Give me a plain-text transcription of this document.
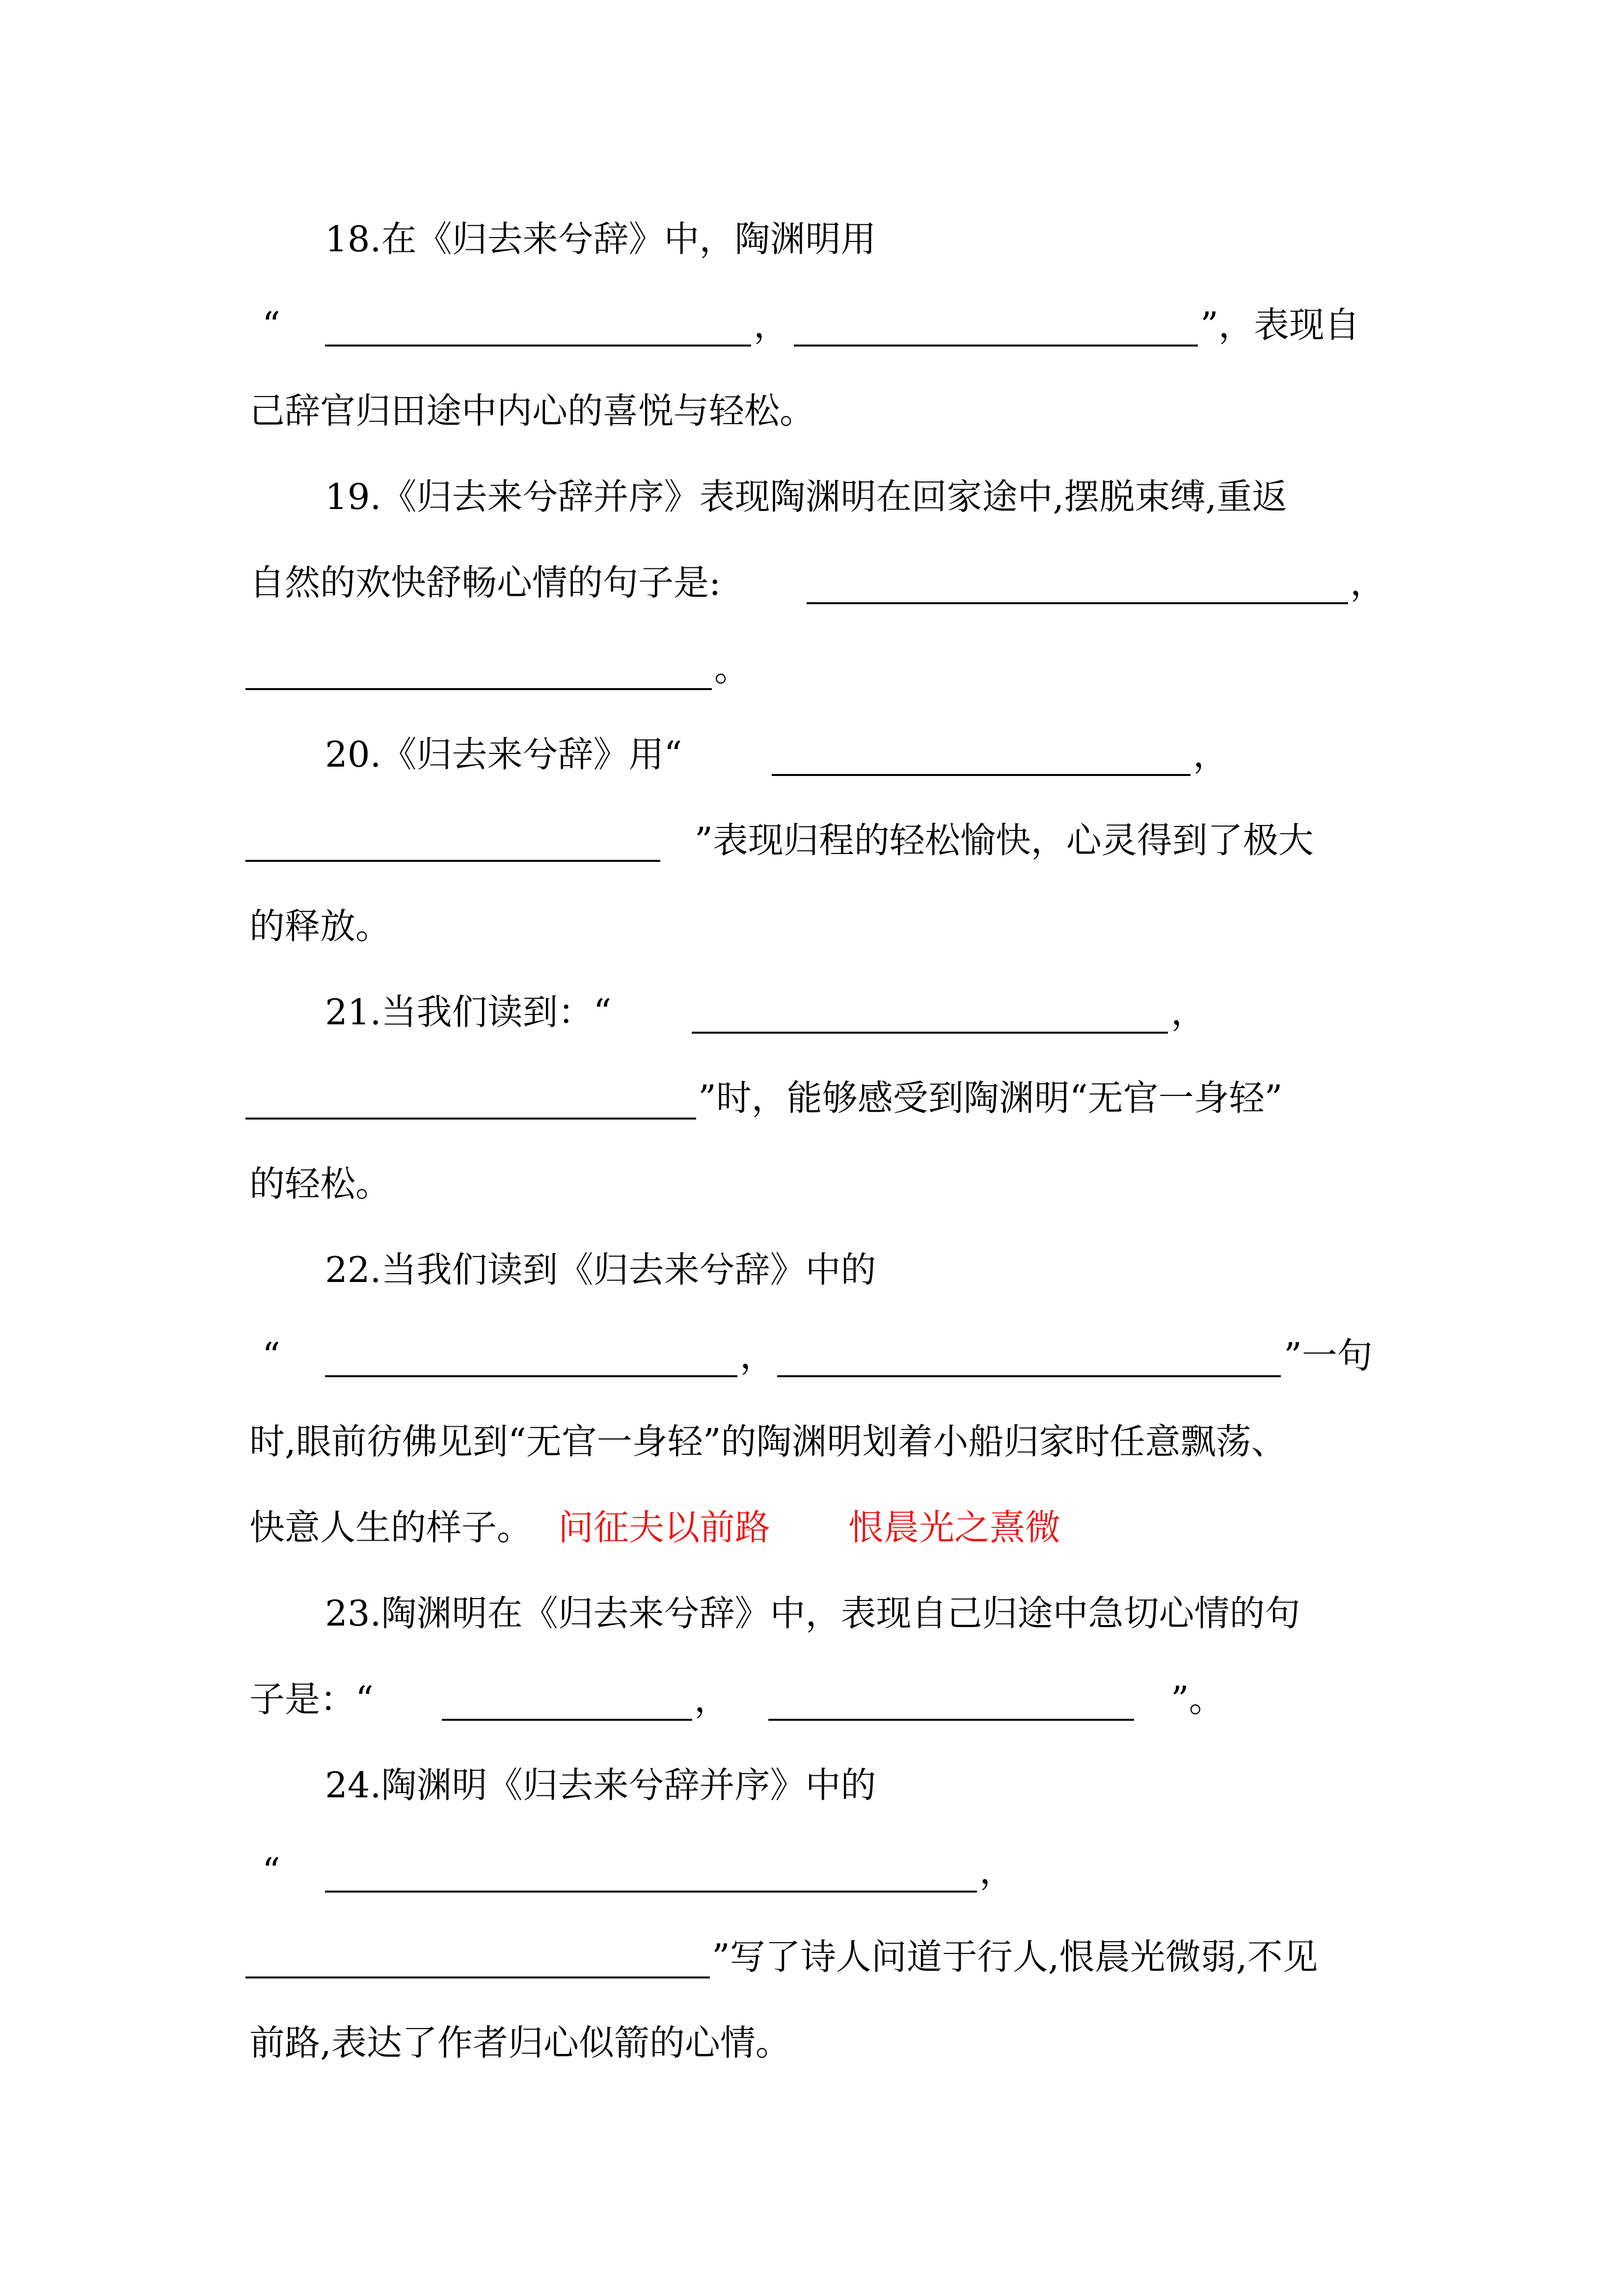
18.在《归去来兮辞》中，陶渊明用
“	，	”，表现自
己辞官归田途中内心的喜悦与轻松。
19.《归去来兮辞并序》表现陶渊明在回家途中,摆脱束缚,重返
自然的欢快舒畅心情的句子是:	，
。
20.《归去来兮辞》用“	，
”表现归程的轻松愉快，心灵得到了极大
的释放。
21.当我们读到：“	，
”时，能够感受到陶渊明“无官一身轻”
的轻松。
22.当我们读到《归去来兮辞》中的
“	，	”一句
时,眼前彷佛见到“无官一身轻”的陶渊明划着小船归家时任意飘荡、
快意人生的样子。 问征夫以前路 恨晨光之熹微
23.陶渊明在《归去来兮辞》中，表现自己归途中急切心情的句
子是：“	，	”。
24.陶渊明《归去来兮辞并序》中的
“	，
”写了诗人问道于行人,恨晨光微弱,不见
前路,表达了作者归心似箭的心情。
